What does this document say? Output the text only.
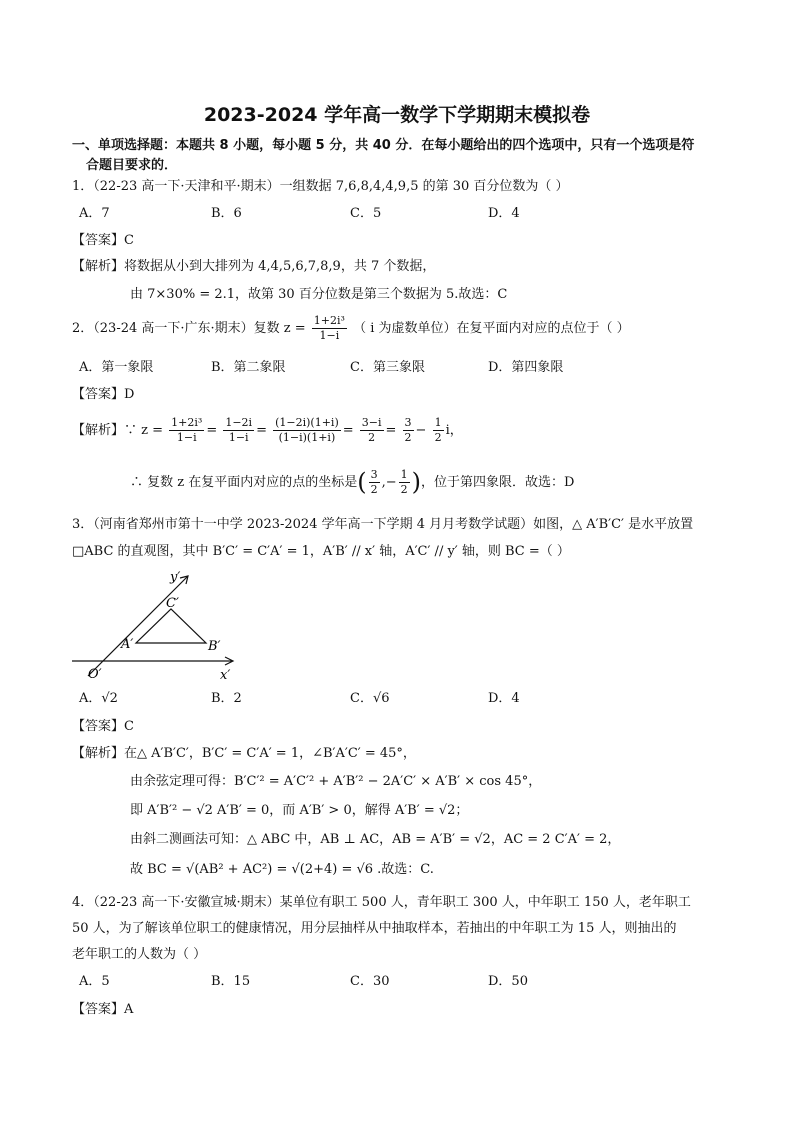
2023-2024 学年高一数学下学期期末模拟卷
一、单项选择题：本题共 8 小题，每小题 5 分，共 40 分．在每小题给出的四个选项中，只有一个选项是符
合题目要求的．
1．（22-23 高一下·天津和平·期末）一组数据 7,6,8,4,4,9,5 的第 30 百分位数为（ ）
A．7	B．6	C．5	D．4
【答案】C
【解析】将数据从小到大排列为 4,4,5,6,7,8,9，共 7 个数据，
由 7×30% = 2.1，故第 30 百分位数是第三个数据为 5.故选：C
2．（23-24 高一下·广东·期末）复数 $z = \frac{\text{1+2i³}}{1-i}$ （ i 为虚数单位）在复平面内对应的点位于（ ）
A．第一象限	B．第二象限	C．第三象限	D．第四象限
【答案】D
【解析】∵ $z = \frac{\text{1+2i³}}{1-i} = \frac{1-2i}{1-i} = \frac{(1-2i)(1+i)}{(1-i)(1+i)} = \frac{3-i}{2} = \frac{3}{2} - \frac{1}{2}$ i，
∴ 复数 z 在复平面内对应的点的坐标是( $\frac{3}{2}$ ,− $\frac{1}{2}$ )，位于第四象限．故选：D
3．（河南省郑州市第十一中学 2023-2024 学年高一下学期 4 月月考数学试题）如图，△ A′B′C′ 是水平放置
□ABC 的直观图，其中 B′C′ = C′A′ = 1，A′B′ // x′ 轴，A′C′ // y′ 轴，则 BC =（ ）
y′
C′
A′	B′
O′	x′
A．√2	B．2	C．√6	D．4
【答案】C
【解析】在△ A′B′C′，B′C′ = C′A′ = 1，∠B′A′C′ = 45°，
由余弦定理可得：B′C′² = A′C′² + A′B′² − 2A′C′ × A′B′ × cos 45°，
即 A′B′² − √2 A′B′ = 0，而 A′B′ > 0，解得 A′B′ = √2；
由斜二测画法可知：△ ABC 中，AB ⊥ AC，AB = A′B′ = √2，AC = 2 C′A′ = 2，
故 BC = √(AB² + AC²) = √(2+4) = √6 .故选：C.
4．（22-23 高一下·安徽宣城·期末）某单位有职工 500 人，青年职工 300 人，中年职工 150 人，老年职工
50 人，为了解该单位职工的健康情况，用分层抽样从中抽取样本，若抽出的中年职工为 15 人，则抽出的
老年职工的人数为（ ）
A．5	B．15	C．30	D．50
【答案】A
